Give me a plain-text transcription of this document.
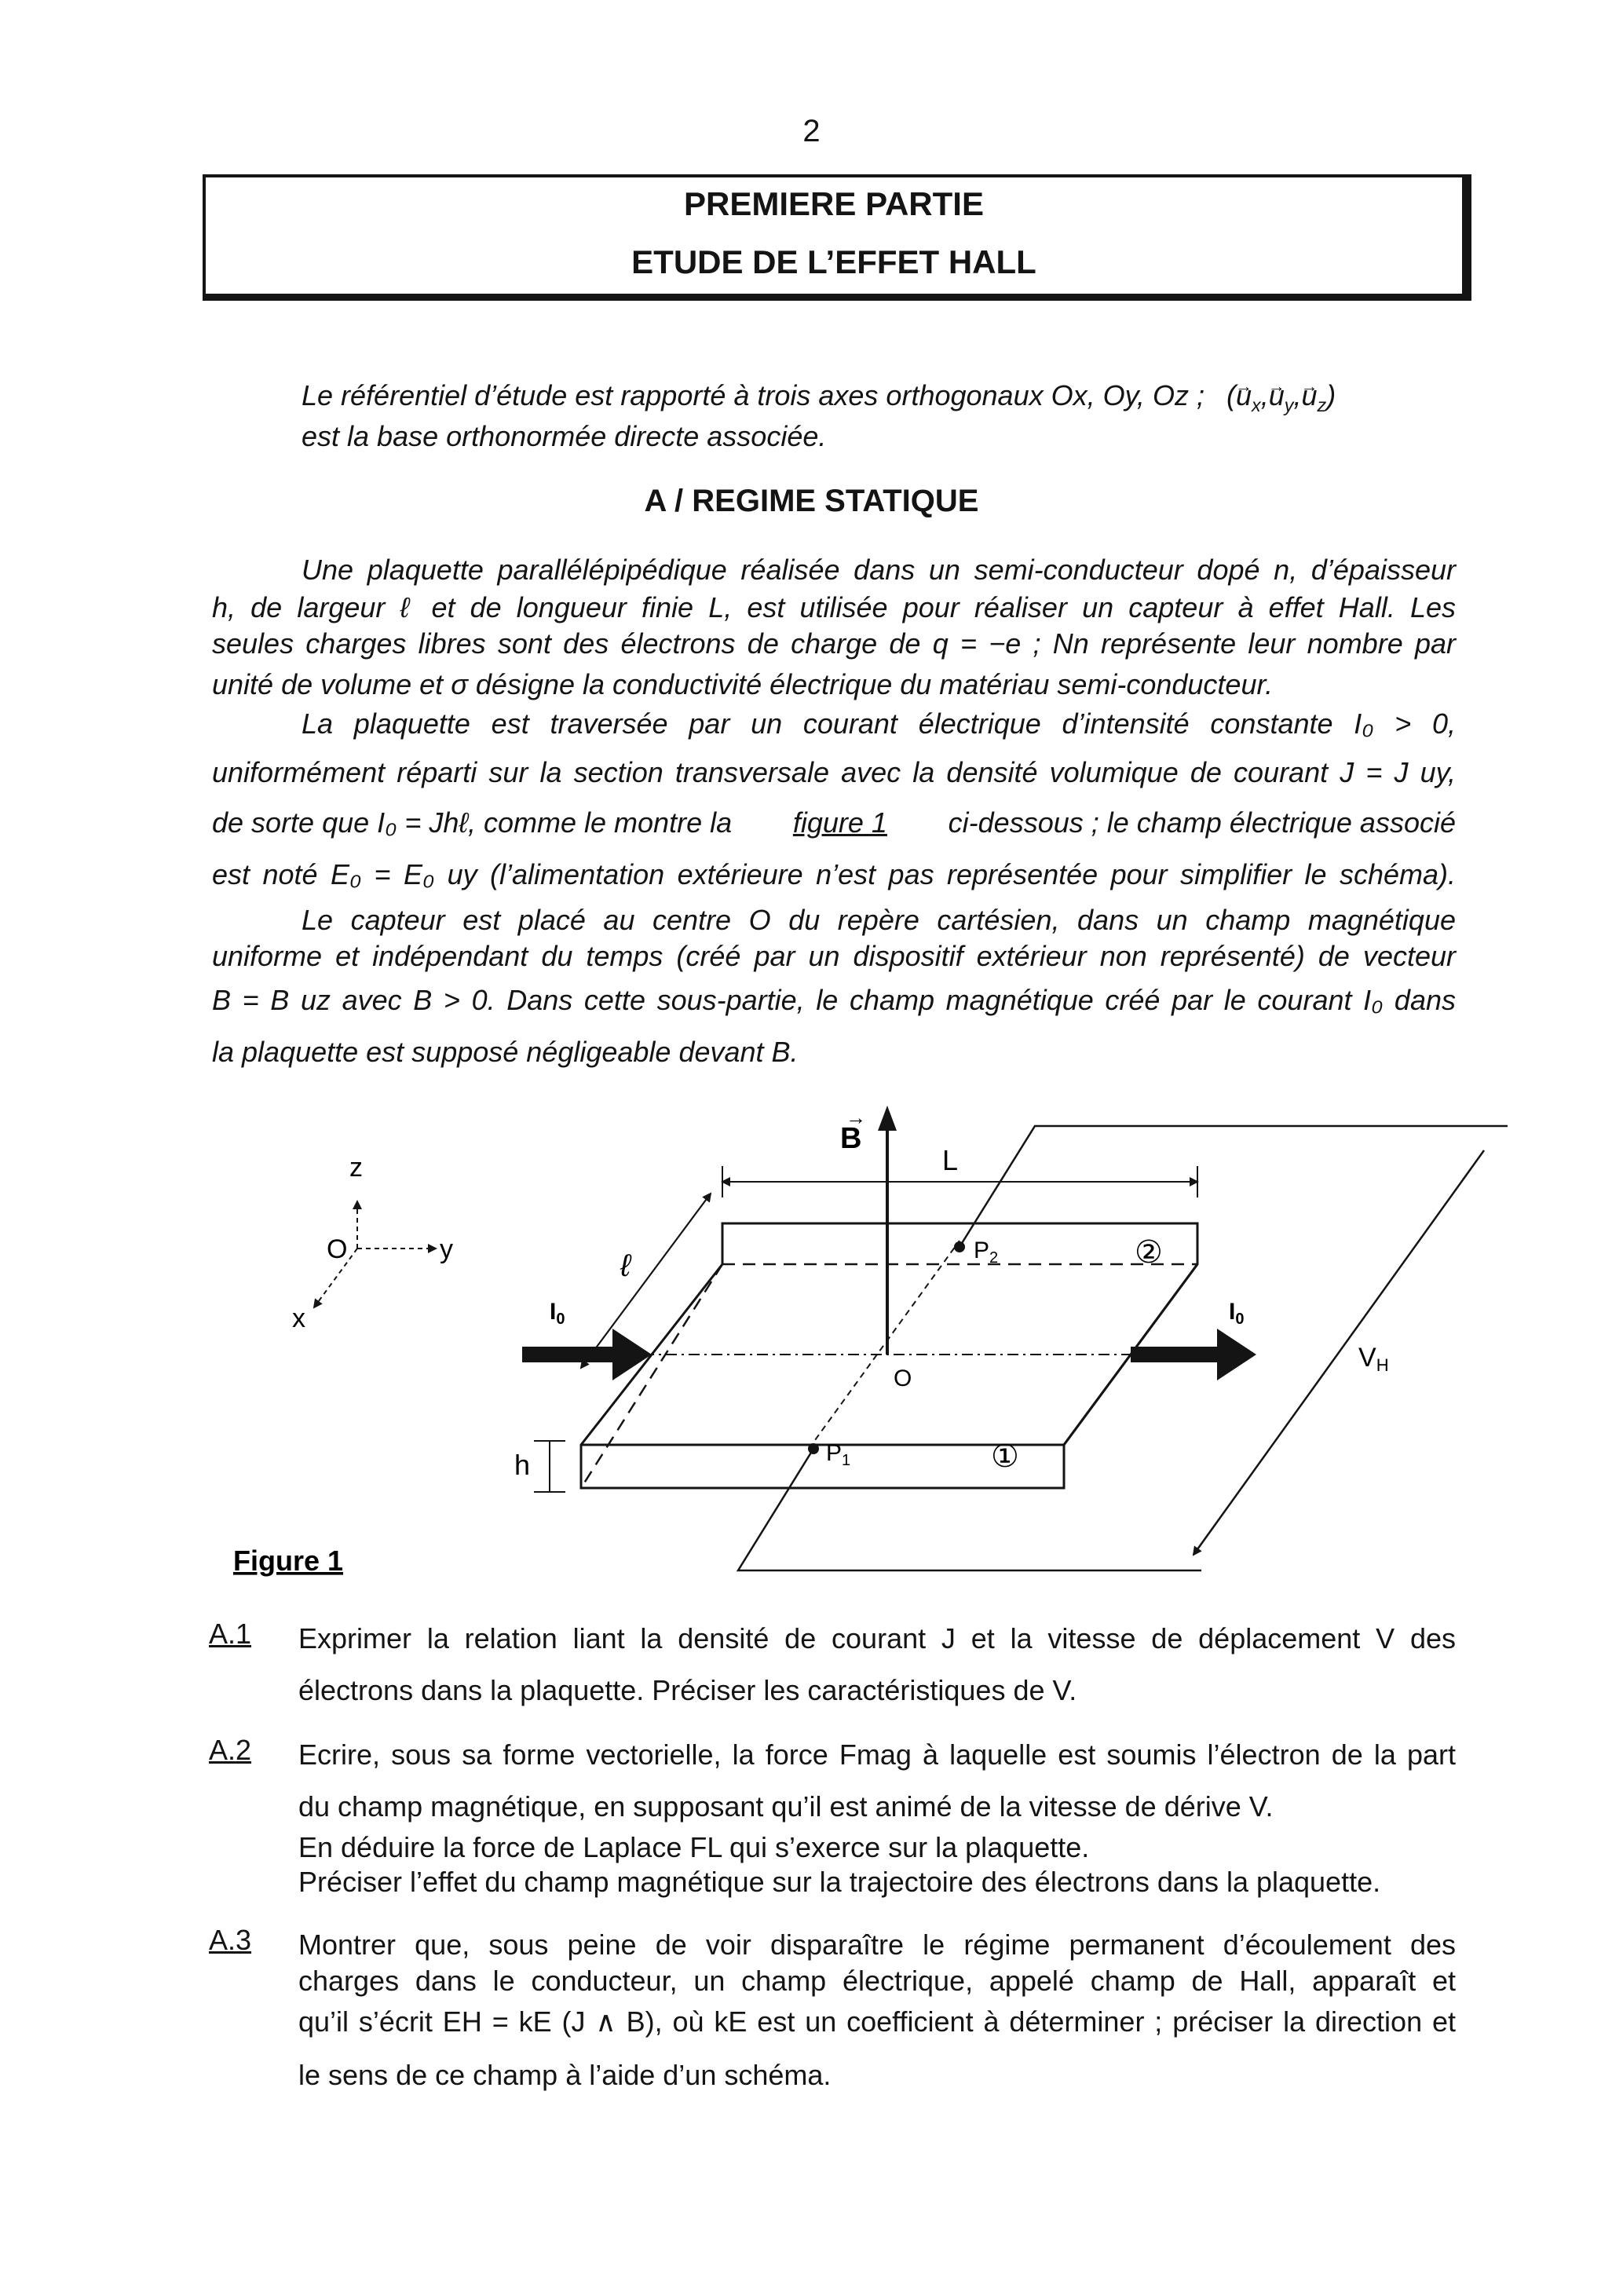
2
PREMIERE PARTIE
ETUDE DE L’EFFET HALL
Le référentiel d’étude est rapporté à trois axes orthogonaux Ox, Oy, Oz ; (→ $u_x,\to u_y,\to u_z$)
est la base orthonormée directe associée.
A / REGIME STATIQUE
Une plaquette parallélépipédique réalisée dans un semi-conducteur dopé n, d’épaisseur
h, de largeur ℓ et de longueur finie L, est utilisée pour réaliser un capteur à effet Hall. Les
seules charges libres sont des électrons de charge de q = −e ; Nn représente leur nombre par
unité de volume et σ désigne la conductivité électrique du matériau semi-conducteur.
La plaquette est traversée par un courant électrique d’intensité constante I₀ > 0,
uniformément réparti sur la section transversale avec la densité volumique de courant J = J uy,
de sorte que I₀ = Jhℓ, comme le montre la figure 1 ci-dessous ; le champ électrique associé
est noté E₀ = E₀ uy (l’alimentation extérieure n’est pas représentée pour simplifier le schéma).
Le capteur est placé au centre O du repère cartésien, dans un champ magnétique
uniforme et indépendant du temps (créé par un dispositif extérieur non représenté) de vecteur
B = B uz avec B > 0. Dans cette sous-partie, le champ magnétique créé par le courant I₀ dans
la plaquette est supposé négligeable devant B.
z
y
x
O
B
→
L
ℓ
h
$I_0$	$I_0$
$P_1$
$P_2$
O
①
②
VH
Figure 1
A.1 Exprimer la relation liant la densité de courant J et la vitesse de déplacement V des
électrons dans la plaquette. Préciser les caractéristiques de V.
A.2 Ecrire, sous sa forme vectorielle, la force Fmag à laquelle est soumis l’électron de la part
du champ magnétique, en supposant qu’il est animé de la vitesse de dérive V.
En déduire la force de Laplace FL qui s’exerce sur la plaquette.
Préciser l’effet du champ magnétique sur la trajectoire des électrons dans la plaquette.
A.3 Montrer que, sous peine de voir disparaître le régime permanent d’écoulement des
charges dans le conducteur, un champ électrique, appelé champ de Hall, apparaît et
qu’il s’écrit EH = kE (J ∧ B), où kE est un coefficient à déterminer ; préciser la direction et
le sens de ce champ à l’aide d’un schéma.
